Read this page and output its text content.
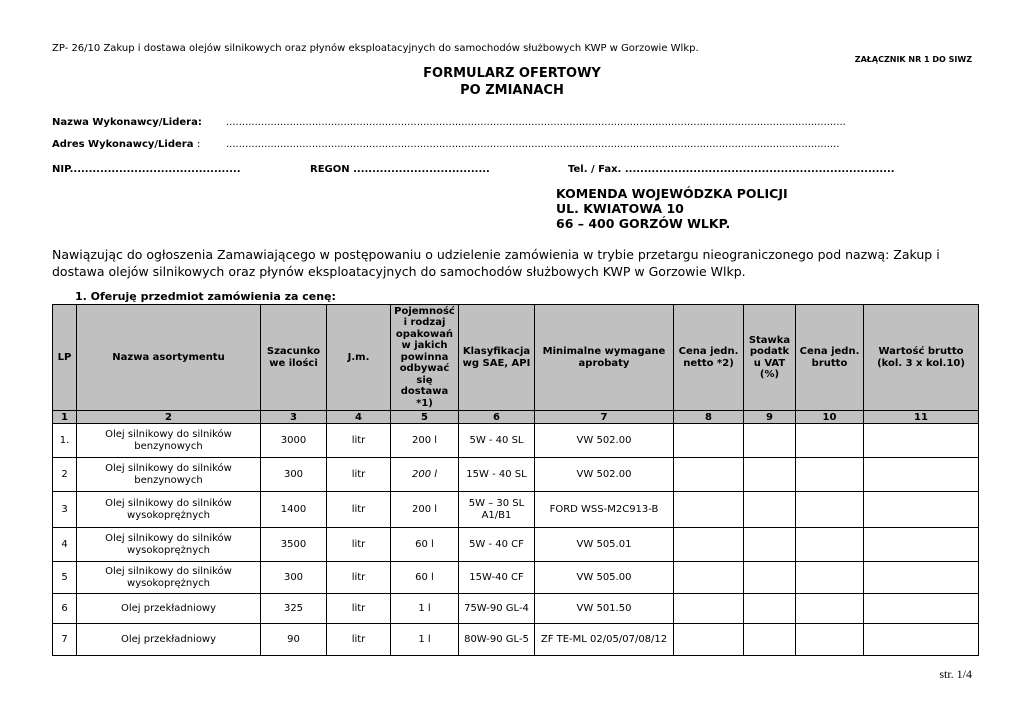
ZP- 26/10 Zakup i dostawa olejów silnikowych oraz płynów eksploatacyjnych do samochodów służbowych KWP w Gorzowie Wlkp.
ZAŁĄCZNIK NR 1 DO SIWZ
FORMULARZ OFERTOWY
PO ZMIANACH
Nazwa Wykonawcy/Lidera: ...................................................................................................................................................................................................
Adres Wykonawcy/Lidera :	.................................................................................................................................................................................................
NIP.............................................	REGON ....................................	Tel. / Fax. .......................................................................
KOMENDA WOJEWÓDZKA POLICJI
UL. KWIATOWA 10
66 – 400 GORZÓW WLKP.
Nawiązując do ogłoszenia Zamawiającego w postępowaniu o udzielenie zamówienia w trybie przetargu nieograniczonego pod nazwą: Zakup i dostawa olejów silnikowych oraz płynów eksploatacyjnych do samochodów służbowych KWP w Gorzowie Wlkp.
1. Oferuję przedmiot zamówienia za cenę:
LP	Nazwa asortymentu	Szacunko we ilości	J.m.	Pojemność i rodzaj opakowań w jakich powinna odbywać się dostawa *1)	Klasyfikacja wg SAE, API	Minimalne wymagane aprobaty	Cena jedn. netto *2)	Stawka podatk u VAT (%)	Cena jedn. brutto	Wartość brutto (kol. 3 x kol.10)
1	2	3	4	5	6	7	8	9	10	11
1.	Olej silnikowy do silników benzynowych	3000	litr	200 l	5W - 40 SL	VW 502.00				
2	Olej silnikowy do silników benzynowych	300	litr	200 l	15W - 40 SL	VW 502.00				
3	Olej silnikowy do silników wysokoprężnych	1400	litr	200 l	5W – 30 SL A1/B1	FORD WSS-M2C913-B				
4	Olej silnikowy do silników wysokoprężnych	3500	litr	60 l	5W - 40 CF	VW 505.01				
5	Olej silnikowy do silników wysokoprężnych	300	litr	60 l	15W-40 CF	VW 505.00				
6	Olej przekładniowy	325	litr	1 l	75W-90 GL-4	VW 501.50				
7	Olej przekładniowy	90	litr	1 l	80W-90 GL-5	ZF TE-ML 02/05/07/08/12				
str. 1/4
